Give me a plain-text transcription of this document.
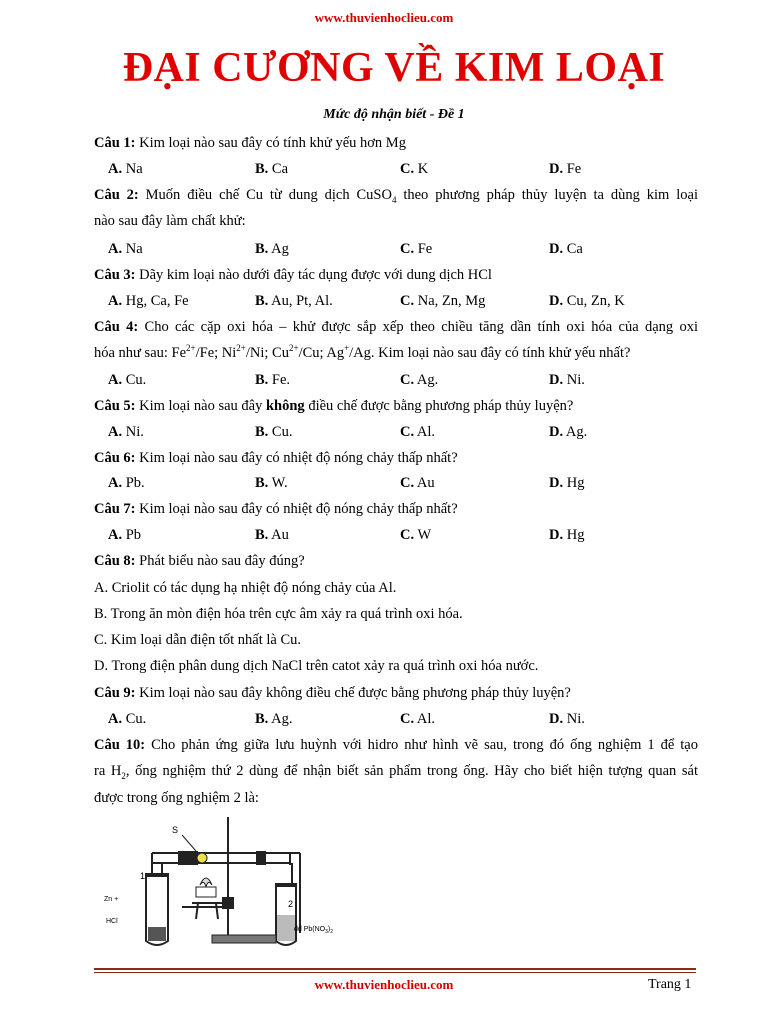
www.thuvienhoclieu.com
ĐẠI CƯƠNG VỀ KIM LOẠI
Mức độ nhận biết - Đề 1
Câu 1: Kim loại nào sau đây có tính khử yếu hơn Mg
A. Na	B. Ca	C. K	D. Fe
Câu 2: Muốn điều chế Cu từ dung dịch CuSO$_4$ theo phương pháp thủy luyện ta dùng kim loại
nào sau đây làm chất khử:
A. Na	B. Ag	C. Fe	D. Ca
Câu 3: Dãy kim loại nào dưới đây tác dụng được với dung dịch HCl
A. Hg, Ca, Fe	B. Au, Pt, Al.	C. Na, Zn, Mg	D. Cu, Zn, K
Câu 4: Cho các cặp oxi hóa – khử được sắp xếp theo chiều tăng dần tính oxi hóa của dạng oxi
hóa như sau: $Fe^{2+}/Fe$; $Ni^{2+}/Ni$; $Cu^{2+}/Cu$; Ag+/Ag. Kim loại nào sau đây có tính khử yếu nhất?
A. Cu.	B. Fe.	C. Ag.	D. Ni.
Câu 5: Kim loại nào sau đây không điều chế được bằng phương pháp thủy luyện?
A. Ni.	B. Cu.	C. Al.	D. Ag.
Câu 6: Kim loại nào sau đây có nhiệt độ nóng chảy thấp nhất?
A. Pb.	B. W.	C. Au	D. Hg
Câu 7: Kim loại nào sau đây có nhiệt độ nóng chảy thấp nhất?
A. Pb	B. Au	C. W	D. Hg
Câu 8: Phát biểu nào sau đây đúng?
A. Criolit có tác dụng hạ nhiệt độ nóng chảy của Al.
B. Trong ăn mòn điện hóa trên cực âm xảy ra quá trình oxi hóa.
C. Kim loại dẫn điện tốt nhất là Cu.
D. Trong điện phân dung dịch NaCl trên catot xảy ra quá trình oxi hóa nước.
Câu 9: Kim loại nào sau đây không điều chế được bằng phương pháp thủy luyện?
A. Cu.	B. Ag.	C. Al.	D. Ni.
Câu 10: Cho phản ứng giữa lưu huỳnh với hidro như hình vẽ sau, trong đó ống nghiệm 1 để tạo
ra $H_2$, ống nghiệm thứ 2 dùng để nhận biết sản phẩm trong ống. Hãy cho biết hiện tượng quan sát
được trong ống nghiệm 2 là:
S
1
2
Zn +
HCl
dd $Pb(NO_3)_2$
www.thuvienhoclieu.com	Trang 1
